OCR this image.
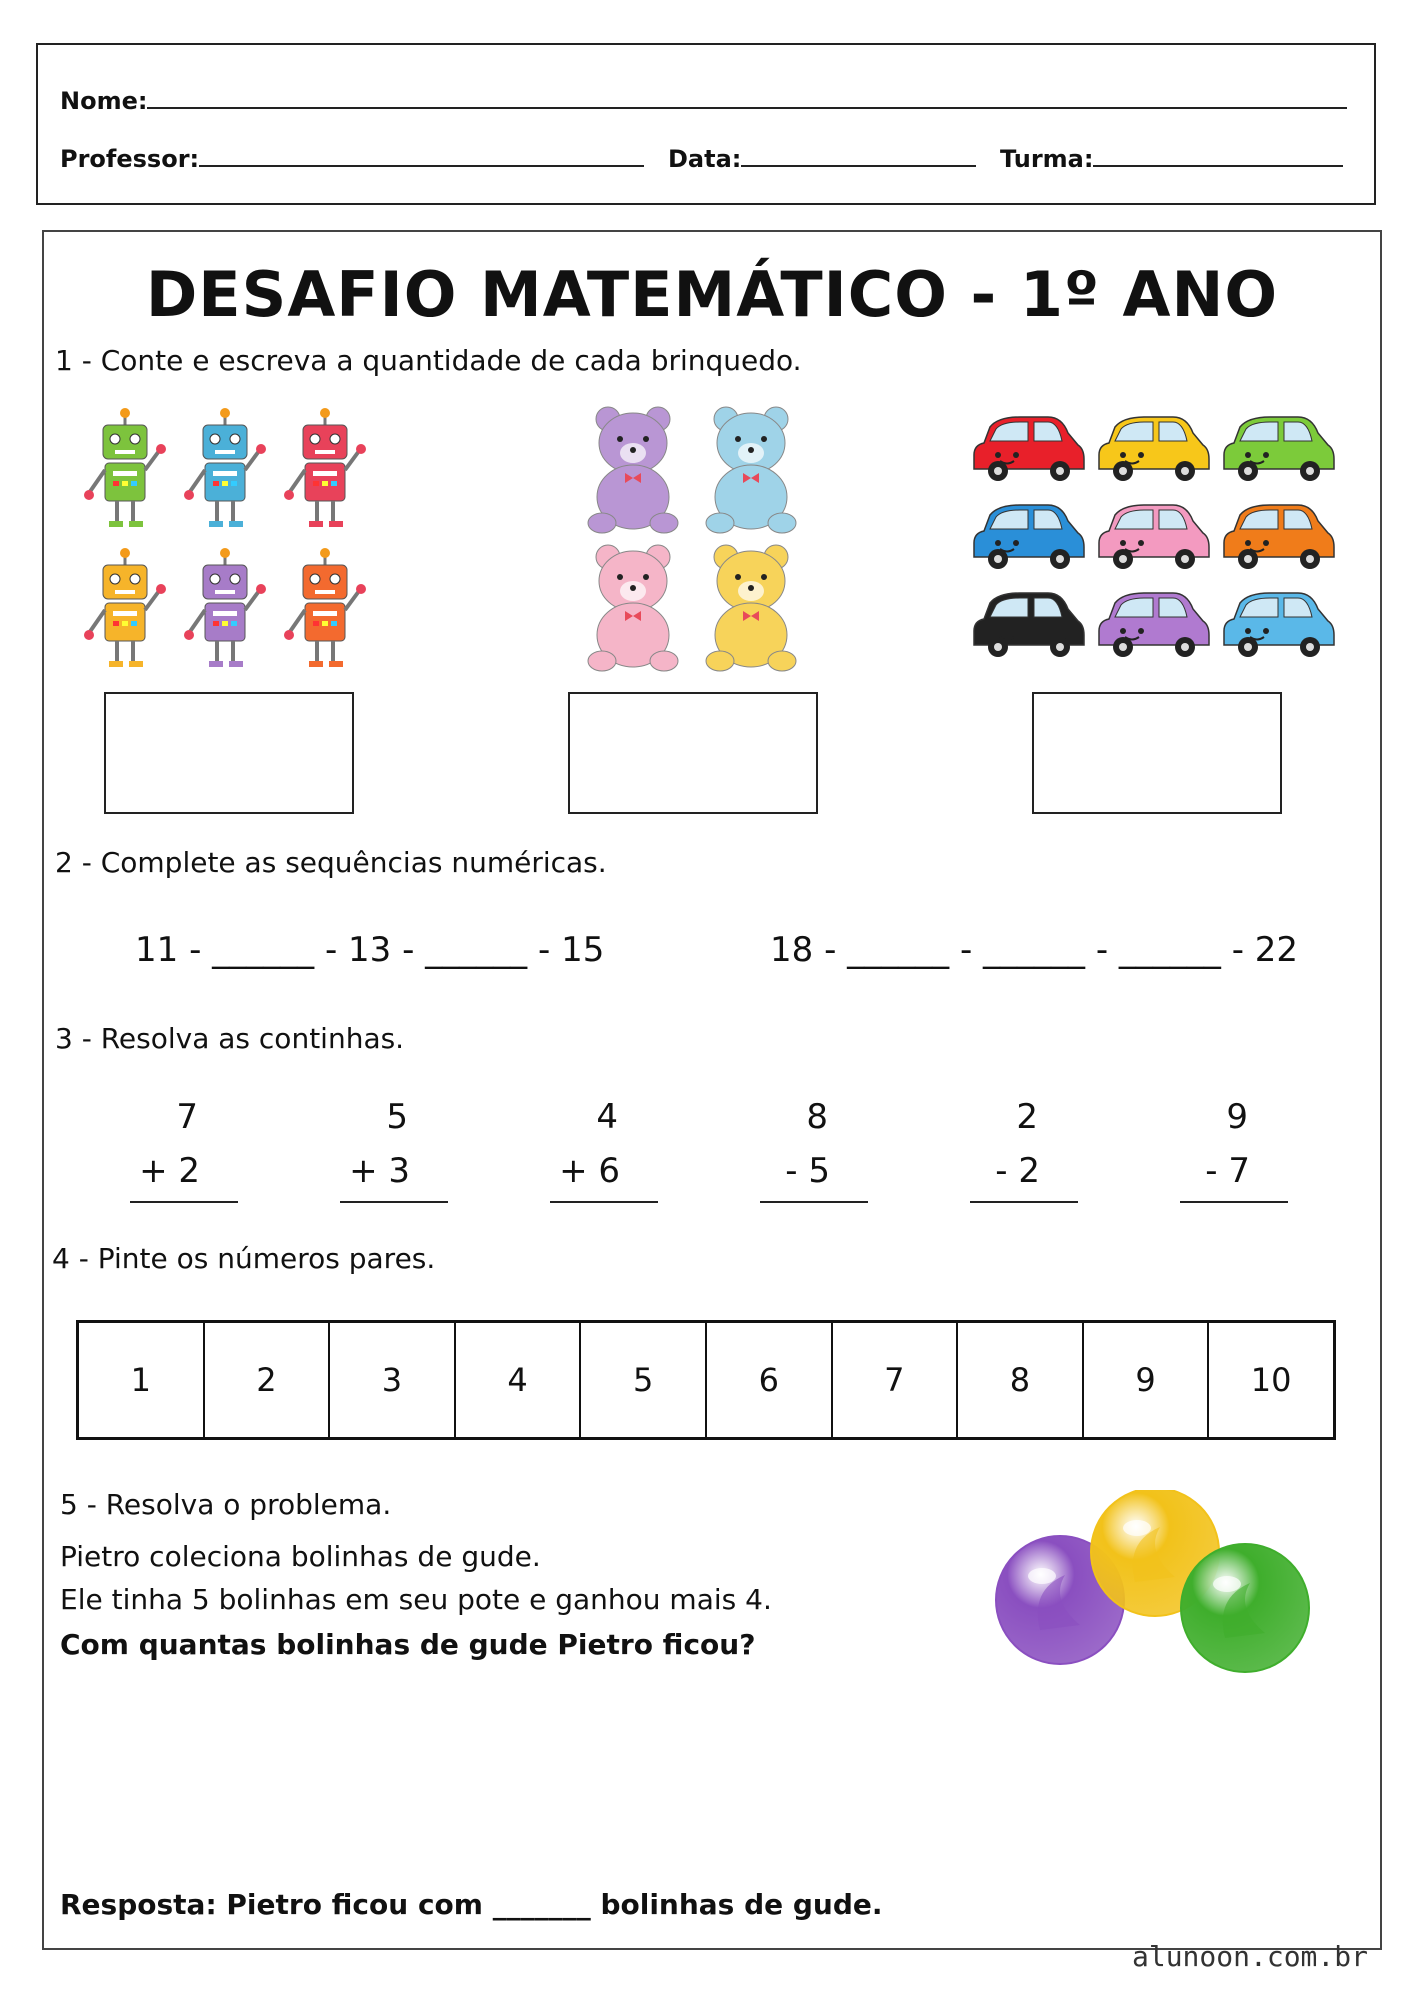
Nome:
Professor:	Data:	Turma:
DESAFIO MATEMÁTICO - 1º ANO
1 - Conte e escreva a quantidade de cada brinquedo.
2 - Complete as sequências numéricas.
11 - ______ - 13 - ______ - 15	18 - ______ - ______ - ______ - 22
3 - Resolva as continhas.
7
+ 2
5
+ 3
4
+ 6
8
- 5
2
- 2
9
- 7
4 - Pinte os números pares.
1	2	3	4	5	6	7	8	9	10
5 - Resolva o problema.
Pietro coleciona bolinhas de gude.
Ele tinha 5 bolinhas em seu pote e ganhou mais 4.
Com quantas bolinhas de gude Pietro ficou?
Resposta: Pietro ficou com _______ bolinhas de gude.
alunoon.com.br
